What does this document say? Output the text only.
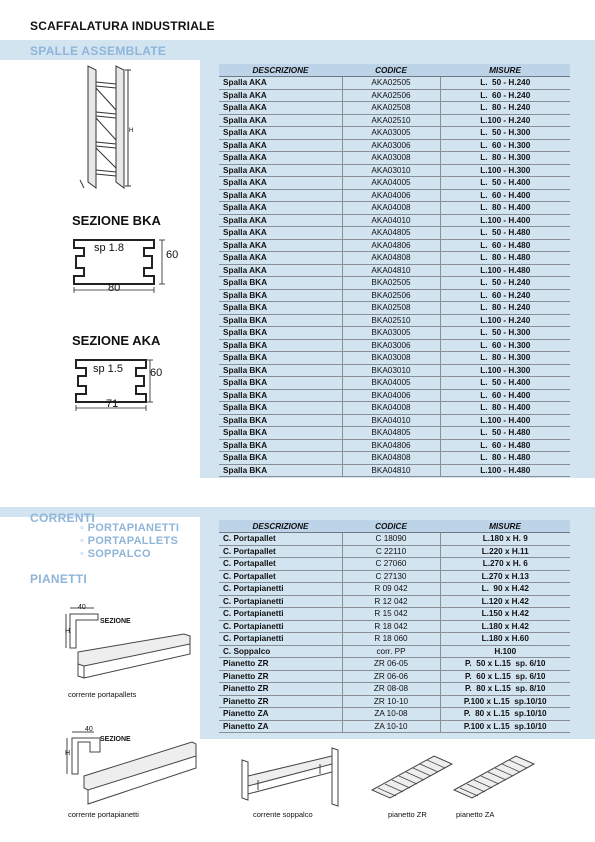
SCAFFALATURA INDUSTRIALE
SPALLE ASSEMBLATE
H
SEZIONE BKA
sp 1.8
60
80
SEZIONE AKA
sp 1.5 60
71
DESCRIZIONE	CODICE	MISURE
Spalla AKA	AKA02505	L.  50 - H.240
Spalla AKA	AKA02506	L.  60 - H.240
Spalla AKA	AKA02508	L.  80 - H.240
Spalla AKA	AKA02510	L.100 - H.240
Spalla AKA	AKA03005	L.  50 - H.300
Spalla AKA	AKA03006	L.  60 - H.300
Spalla AKA	AKA03008	L.  80 - H.300
Spalla AKA	AKA03010	L.100 - H.300
Spalla AKA	AKA04005	L.  50 - H.400
Spalla AKA	AKA04006	L.  60 - H.400
Spalla AKA	AKA04008	L.  80 - H.400
Spalla AKA	AKA04010	L.100 - H.400
Spalla AKA	AKA04805	L.  50 - H.480
Spalla AKA	AKA04806	L.  60 - H.480
Spalla AKA	AKA04808	L.  80 - H.480
Spalla AKA	AKA04810	L.100 - H.480
Spalla BKA	BKA02505	L.  50 - H.240
Spalla BKA	BKA02506	L.  60 - H.240
Spalla BKA	BKA02508	L.  80 - H.240
Spalla BKA	BKA02510	L.100 - H.240
Spalla BKA	BKA03005	L.  50 - H.300
Spalla BKA	BKA03006	L.  60 - H.300
Spalla BKA	BKA03008	L.  80 - H.300
Spalla BKA	BKA03010	L.100 - H.300
Spalla BKA	BKA04005	L.  50 - H.400
Spalla BKA	BKA04006	L.  60 - H.400
Spalla BKA	BKA04008	L.  80 - H.400
Spalla BKA	BKA04010	L.100 - H.400
Spalla BKA	BKA04805	L.  50 - H.480
Spalla BKA	BKA04806	L.  60 - H.480
Spalla BKA	BKA04808	L.  80 - H.480
Spalla BKA	BKA04810	L.100 - H.480
CORRENTI
◦ PORTAPIANETTI
◦ PORTAPALLETS
◦ SOPPALCO
PIANETTI
40
H
SEZIONE
corrente portapallets
40
H
SEZIONE
corrente portapianetti	corrente soppalco	pianetto ZR	pianetto ZA
DESCRIZIONE	CODICE	MISURE
C. Portapallet	C 18090	L.180 x H. 9
C. Portapallet	C 22110	L.220 x H.11
C. Portapallet	C 27060	L.270 x H. 6
C. Portapallet	C 27130	L.270 x H.13
C. Portapianetti	R 09 042	L.  90 x H.42
C. Portapianetti	R 12 042	L.120 x H.42
C. Portapianetti	R 15 042	L.150 x H.42
C. Portapianetti	R 18 042	L.180 x H.42
C. Portapianetti	R 18 060	L.180 x H.60
C. Soppalco	corr. PP	H.100
Pianetto ZR	ZR 06-05	P.  50 x L.15  sp. 6/10
Pianetto ZR	ZR 06-06	P.  60 x L.15  sp. 6/10
Pianetto ZR	ZR 08-08	P.  80 x L.15  sp. 8/10
Pianetto ZR	ZR 10-10	P.100 x L.15  sp.10/10
Pianetto ZA	ZA 10-08	P.  80 x L.15  sp.10/10
Pianetto ZA	ZA 10-10	P.100 x L.15  sp.10/10
